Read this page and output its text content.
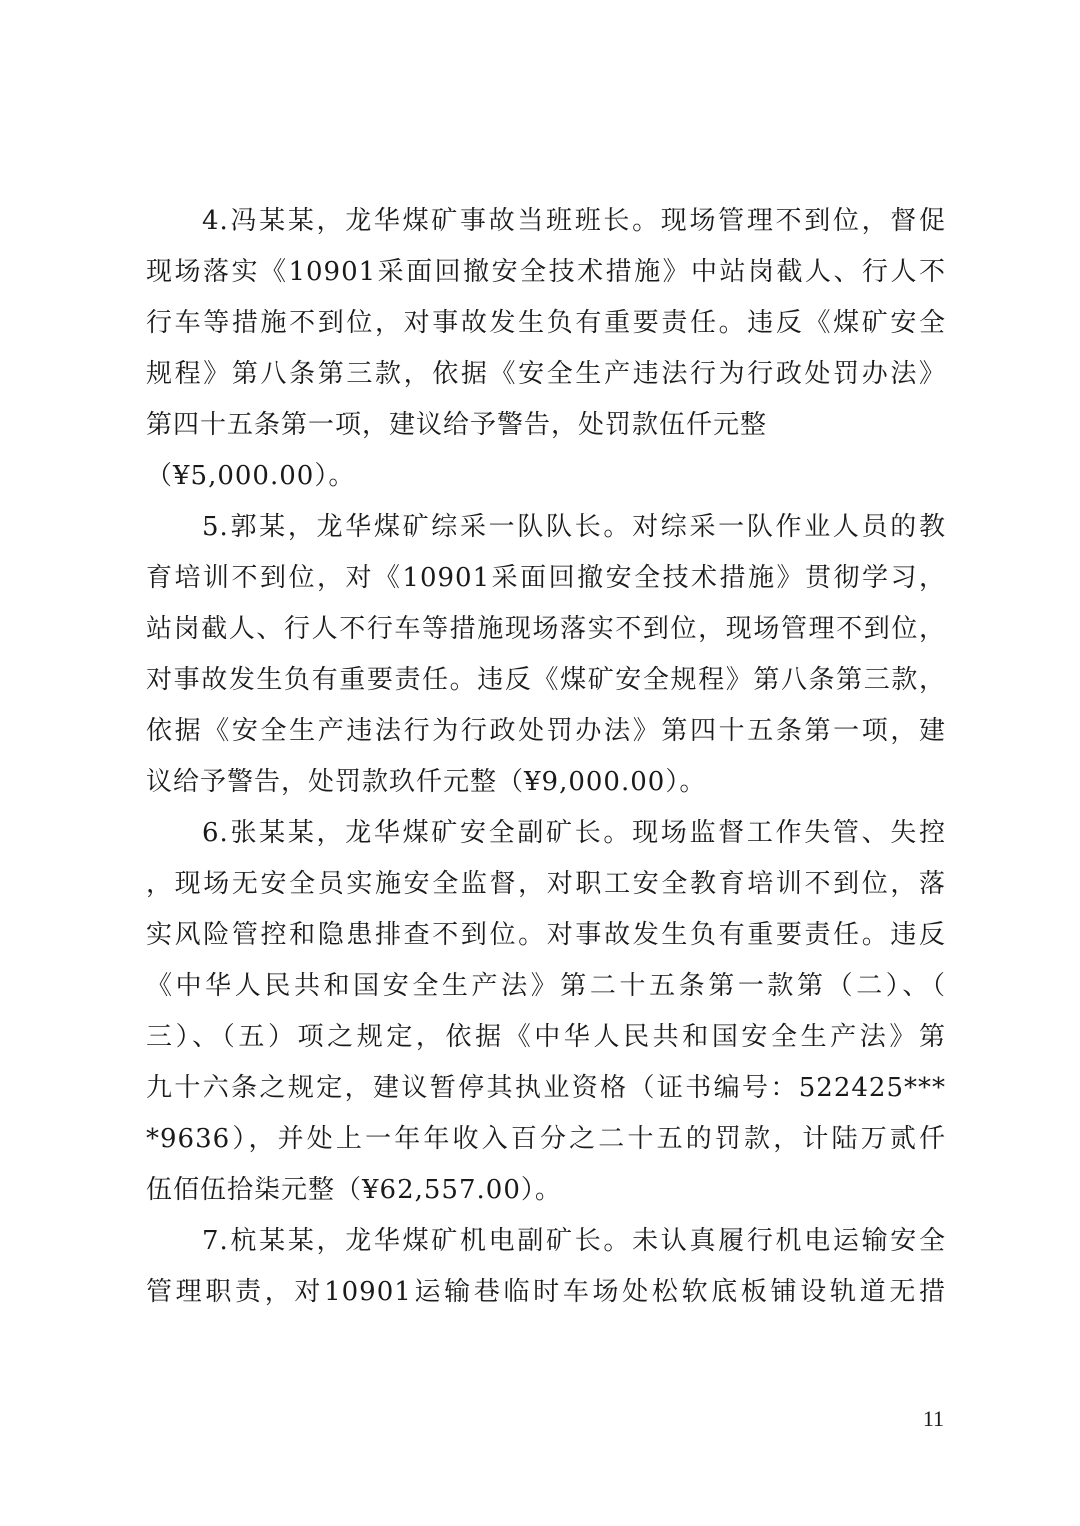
4.冯某某，龙华煤矿事故当班班长。现场管理不到位，督促
现场落实《10901采面回撤安全技术措施》中站岗截人、行人不
行车等措施不到位，对事故发生负有重要责任。违反《煤矿安全
规程》第八条第三款，依据《安全生产违法行为行政处罚办法》
第四十五条第一项，建议给予警告，处罚款伍仟元整
（¥5,000.00）。
5.郭某，龙华煤矿综采一队队长。对综采一队作业人员的教
育培训不到位，对《10901采面回撤安全技术措施》贯彻学习，
站岗截人、行人不行车等措施现场落实不到位，现场管理不到位，
对事故发生负有重要责任。违反《煤矿安全规程》第八条第三款，
依据《安全生产违法行为行政处罚办法》第四十五条第一项，建
议给予警告，处罚款玖仟元整（¥9,000.00）。
6.张某某，龙华煤矿安全副矿长。现场监督工作失管、失控
，现场无安全员实施安全监督，对职工安全教育培训不到位，落
实风险管控和隐患排查不到位。对事故发生负有重要责任。违反
《中华人民共和国安全生产法》第二十五条第一款第（二）、（
三）、（五）项之规定，依据《中华人民共和国安全生产法》第
九十六条之规定，建议暂停其执业资格（证书编号：522425***
*9636），并处上一年年收入百分之二十五的罚款，计陆万贰仟
伍佰伍拾柒元整（¥62,557.00）。
7.杭某某，龙华煤矿机电副矿长。未认真履行机电运输安全
管理职责，对10901运输巷临时车场处松软底板铺设轨道无措
11
